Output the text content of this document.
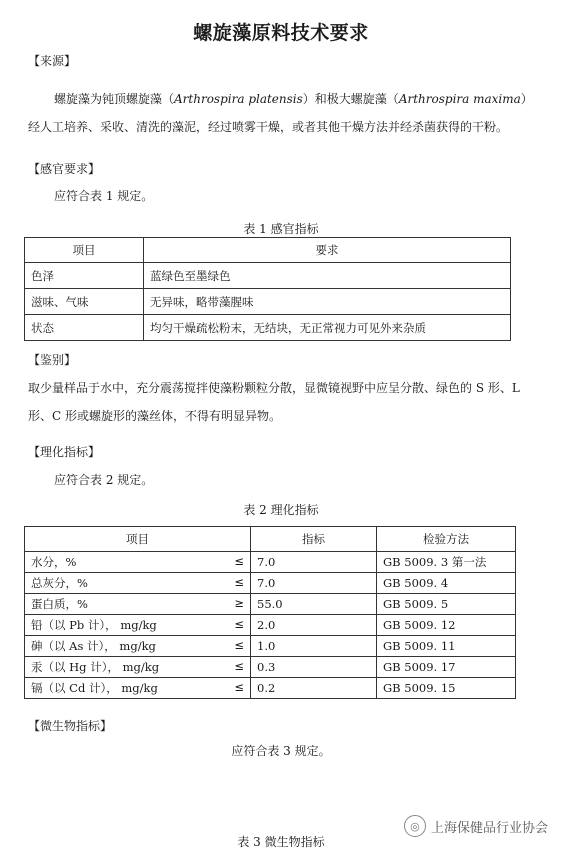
螺旋藻原料技术要求
【来源】
螺旋藻为钝顶螺旋藻（Arthrospira platensis）和极大螺旋藻（Arthrospira maxima）经人工培养、采收、清洗的藻泥，经过喷雾干燥，或者其他干燥方法并经杀菌获得的干粉。
【感官要求】
应符合表 1 规定。
表 1 感官指标
项目	要求
色泽	蓝绿色至墨绿色
滋味、气味	无异味，略带藻腥味
状态	均匀干燥疏松粉末，无结块，无正常视力可见外来杂质
【鉴别】
取少量样品于水中，充分震荡搅拌使藻粉颗粒分散，显微镜视野中应呈分散、绿色的 S 形、L 形、C 形或螺旋形的藻丝体，不得有明显异物。
【理化指标】
应符合表 2 规定。
表 2 理化指标
项目	指标	检验方法

水分，% ≤	7.0	GB 5009. 3 第一法

总灰分，% ≤	7.0	GB 5009. 4

蛋白质，% ≥	55.0	GB 5009. 5

铅（以 Pb 计）， mg/kg ≤	2.0	GB 5009. 12

砷（以 As 计）， mg/kg ≤	1.0	GB 5009. 11

汞（以 Hg 计）， mg/kg ≤	0.3	GB 5009. 17

镉（以 Cd 计）， mg/kg ≤	0.2	GB 5009. 15
【微生物指标】
应符合表 3 规定。
表 3 微生物指标
◎ 上海保健品行业协会
